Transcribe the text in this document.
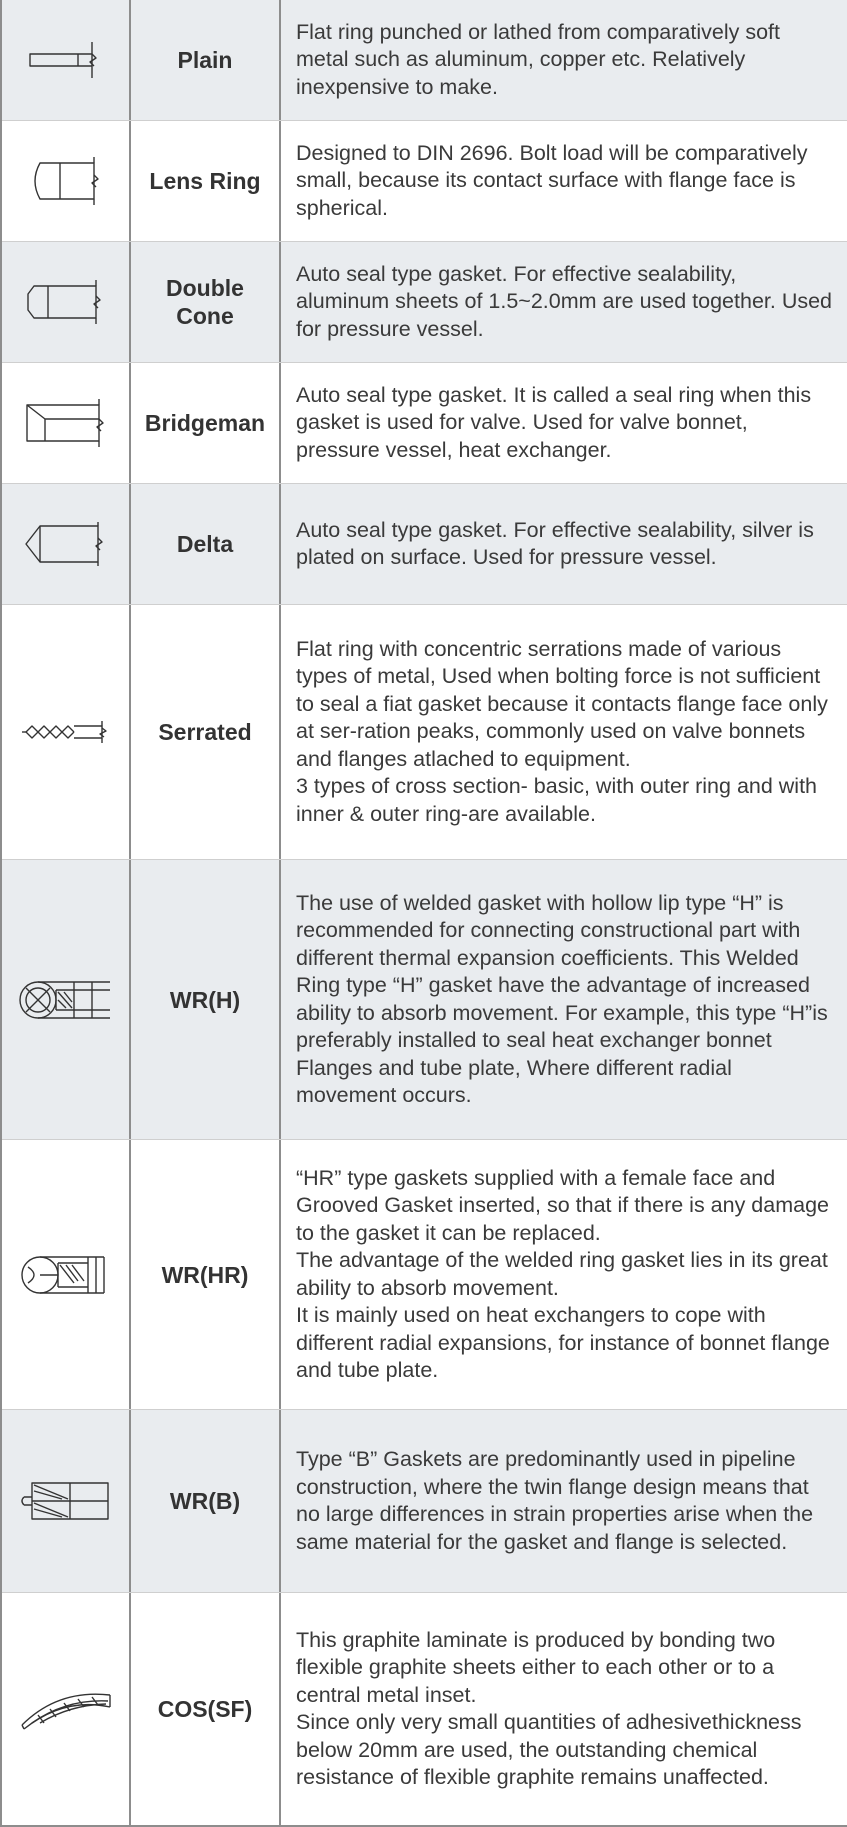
Plain
Flat ring punched or lathed from comparatively soft metal such as aluminum, copper etc. Relatively inexpensive to make.
Lens Ring
Designed to DIN 2696. Bolt load will be comparatively small, because its contact surface with flange face is spherical.
Double
Cone
Auto seal type gasket. For effective sealability, aluminum sheets of 1.5~2.0mm are used together. Used for pressure vessel.
Bridgeman
Auto seal type gasket. It is called a seal ring when this gasket is used for valve. Used for valve bonnet, pressure vessel, heat exchanger.
Delta
Auto seal type gasket. For effective sealability, silver is plated on surface. Used for pressure vessel.
Serrated
Flat ring with concentric serrations made of various types of metal, Used when bolting force is not sufficient to seal a fiat gasket because it contacts flange face only at ser-ration peaks, commonly used on valve bonnets and flanges atlached to equipment.
3 types of cross section- basic, with outer ring and with inner & outer ring-are available.
WR(H)
The use of welded gasket with hollow lip type “H” is recommended for connecting constructional part with different thermal expansion coefficients. This Welded Ring type “H” gasket have the advantage of increased ability to absorb movement. For example, this type “H”is preferably installed to seal heat exchanger bonnet Flanges and tube plate, Where different radial movement occurs.
WR(HR)
“HR” type gaskets supplied with a female face and Grooved Gasket inserted, so that if there is any damage to the gasket it can be replaced.
The advantage of the welded ring gasket lies in its great ability to absorb movement.
It is mainly used on heat exchangers to cope with different radial expansions, for instance of bonnet flange and tube plate.
WR(B)
Type “B” Gaskets are predominantly used in pipeline construction, where the twin flange design means that no large differences in strain properties arise when the same material for the gasket and flange is selected.
COS(SF)
This graphite laminate is produced by bonding two flexible graphite sheets either to each other or to a central metal inset.
Since only very small quantities of adhesivethickness below 20mm are used, the outstanding chemical resistance of flexible graphite remains unaffected.
